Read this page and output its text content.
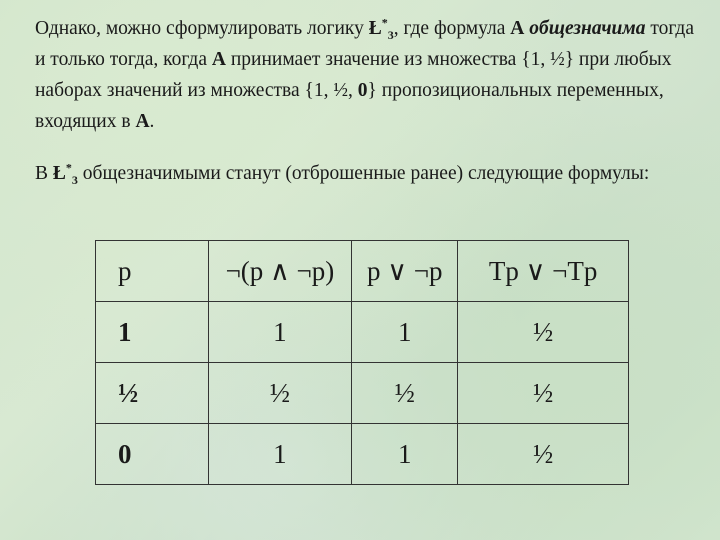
Однако, можно сформулировать логику $Ł^*_3$, где формула A общезначима тогда и только тогда, когда A принимает значение из множества {1, ½} при любых наборах значений из множества {1, ½, 0} пропозициональных переменных, входящих в A.
В $Ł^*_3$ общезначимыми станут (отброшенные ранее) следующие формулы:
p	¬(p ∧ ¬p)	p ∨ ¬p	Tp ∨ ¬Tp
1	1	1	½
½	½	½	½
0	1	1	½
